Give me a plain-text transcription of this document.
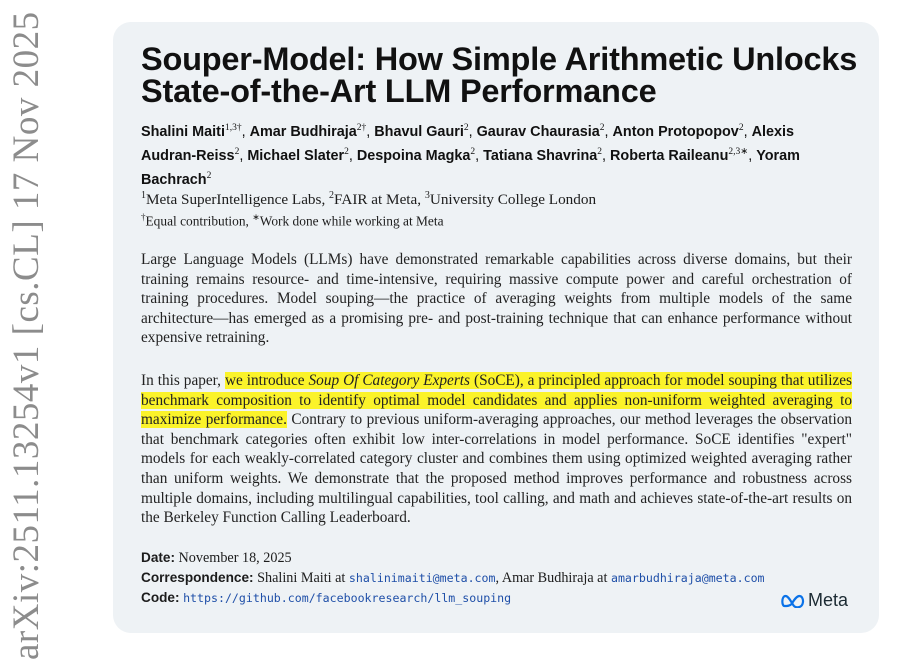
arXiv:2511.13254v1 [cs.CL] 17 Nov 2025	Souper-Model: How Simple Arithmetic Unlocks State-of-the-Art LLM Performance
Shalini Maiti$^{1,3\dagger}$, Amar Budhiraja$^{2\dagger}$, Bhavul Gauri$^2$, Gaurav Chaurasia$^2$, Anton Protopopov$^2$, Alexis Audran-Reiss$^2$, Michael Slater$^2$, Despoina Magka$^2$, Tatiana Shavrina$^2$, Roberta Raileanu$^{2,3∗}$, Yoram Bachrach$^2$
$^1$Meta SuperIntelligence Labs, $^2$FAIR at Meta, $^3$University College London
†Equal contribution, ∗Work done while working at Meta
Large Language Models (LLMs) have demonstrated remarkable capabilities across diverse domains, but their training remains resource- and time-intensive, requiring massive compute power and careful orchestration of training procedures. Model souping—the practice of averaging weights from multiple models of the same architecture—has emerged as a promising pre- and post-training technique that can enhance performance without expensive retraining.
In this paper, we introduce Soup Of Category Experts (SoCE), a principled approach for model souping that utilizes benchmark composition to identify optimal model candidates and applies non-uniform weighted averaging to maximize performance. Contrary to previous uniform-averaging approaches, our method leverages the observation that benchmark categories often exhibit low inter-correlations in model performance. SoCE identifies "expert" models for each weakly-correlated category cluster and combines them using optimized weighted averaging rather than uniform weights. We demonstrate that the proposed method improves performance and robustness across multiple domains, including multilingual capabilities, tool calling, and math and achieves state-of-the-art results on the Berkeley Function Calling Leaderboard.
Date: November 18, 2025
Correspondence: Shalini Maiti at shalinimaiti@meta.com, Amar Budhiraja at amarbudhiraja@meta.com
Code: https://github.com/facebookresearch/llm_souping	Meta
